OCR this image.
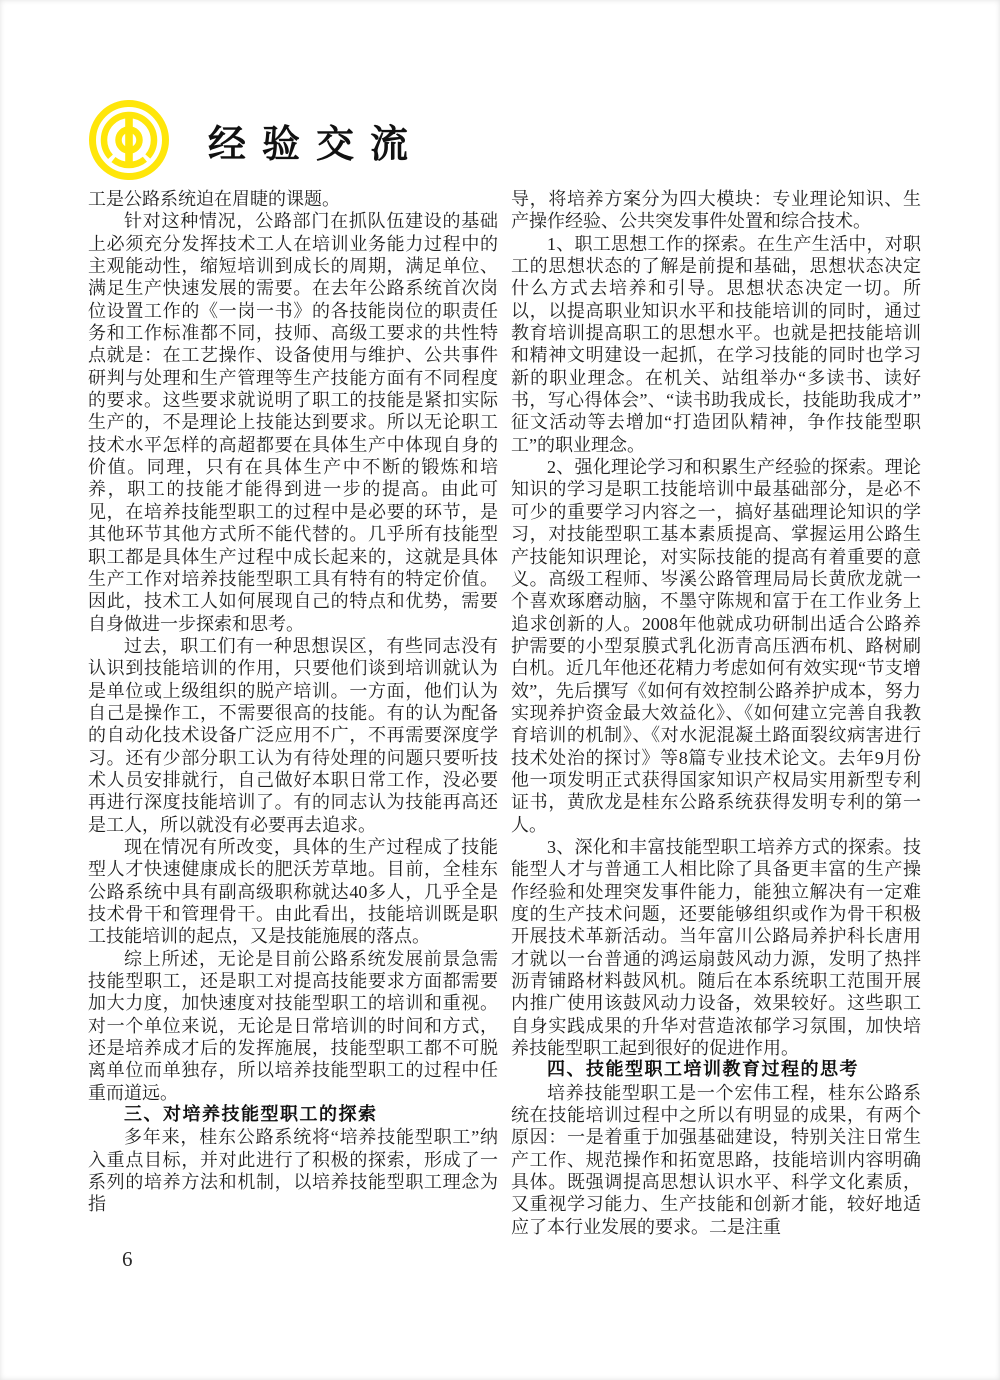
经验交流

工是公路系统迫在眉睫的课题。

针对这种情况，公路部门在抓队伍建设的基础上必须充分发挥技术工人在培训业务能力过程中的主观能动性，缩短培训到成长的周期，满足单位、满足生产快速发展的需要。在去年公路系统首次岗位设置工作的《一岗一书》的各技能岗位的职责任务和工作标准都不同，技师、高级工要求的共性特点就是：在工艺操作、设备使用与维护、公共事件研判与处理和生产管理等生产技能方面有不同程度的要求。这些要求就说明了职工的技能是紧扣实际生产的，不是理论上技能达到要求。所以无论职工技术水平怎样的高超都要在具体生产中体现自身的价值。同理，只有在具体生产中不断的锻炼和培养，职工的技能才能得到进一步的提高。由此可见，在培养技能型职工的过程中是必要的环节，是其他环节其他方式所不能代替的。几乎所有技能型职工都是具体生产过程中成长起来的，这就是具体生产工作对培养技能型职工具有特有的特定价值。因此，技术工人如何展现自己的特点和优势，需要自身做进一步探索和思考。

过去，职工们有一种思想误区，有些同志没有认识到技能培训的作用，只要他们谈到培训就认为是单位或上级组织的脱产培训。一方面，他们认为自己是操作工，不需要很高的技能。有的认为配备的自动化技术设备广泛应用不广，不再需要深度学习。还有少部分职工认为有待处理的问题只要听技术人员安排就行，自己做好本职日常工作，没必要再进行深度技能培训了。有的同志认为技能再高还是工人，所以就没有必要再去追求。

现在情况有所改变，具体的生产过程成了技能型人才快速健康成长的肥沃芳草地。目前，全桂东公路系统中具有副高级职称就达40多人，几乎全是技术骨干和管理骨干。由此看出，技能培训既是职工技能培训的起点，又是技能施展的落点。

综上所述，无论是目前公路系统发展前景急需技能型职工，还是职工对提高技能要求方面都需要加大力度，加快速度对技能型职工的培训和重视。对一个单位来说，无论是日常培训的时间和方式，还是培养成才后的发挥施展，技能型职工都不可脱离单位而单独存，所以培养技能型职工的过程中任重而道远。

三、对培养技能型职工的探索

多年来，桂东公路系统将“培养技能型职工”纳入重点目标，并对此进行了积极的探索，形成了一系列的培养方法和机制，以培养技能型职工理念为指

导，将培养方案分为四大模块：专业理论知识、生产操作经验、公共突发事件处置和综合技术。

1、职工思想工作的探索。在生产生活中，对职工的思想状态的了解是前提和基础，思想状态决定什么方式去培养和引导。思想状态决定一切。所以，以提高职业知识水平和技能培训的同时，通过教育培训提高职工的思想水平。也就是把技能培训和精神文明建设一起抓，在学习技能的同时也学习新的职业理念。在机关、站组举办“多读书、读好书，写心得体会”、“读书助我成长，技能助我成才”征文活动等去增加“打造团队精神，争作技能型职工”的职业理念。

2、强化理论学习和积累生产经验的探索。理论知识的学习是职工技能培训中最基础部分，是必不可少的重要学习内容之一，搞好基础理论知识的学习，对技能型职工基本素质提高、掌握运用公路生产技能知识理论，对实际技能的提高有着重要的意义。高级工程师、岑溪公路管理局局长黄欣龙就一个喜欢琢磨动脑，不墨守陈规和富于在工作业务上追求创新的人。2008年他就成功研制出适合公路养护需要的小型泵膜式乳化沥青高压洒布机、路树刷白机。近几年他还花精力考虑如何有效实现“节支增效”，先后撰写《如何有效控制公路养护成本，努力实现养护资金最大效益化》、《如何建立完善自我教育培训的机制》、《对水泥混凝土路面裂纹病害进行技术处治的探讨》等8篇专业技术论文。去年9月份他一项发明正式获得国家知识产权局实用新型专利证书，黄欣龙是桂东公路系统获得发明专利的第一人。

3、深化和丰富技能型职工培养方式的探索。技能型人才与普通工人相比除了具备更丰富的生产操作经验和处理突发事件能力，能独立解决有一定难度的生产技术问题，还要能够组织或作为骨干积极开展技术革新活动。当年富川公路局养护科长唐用才就以一台普通的鸿运扇鼓风动力源，发明了热拌沥青铺路材料鼓风机。随后在本系统职工范围开展内推广使用该鼓风动力设备，效果较好。这些职工自身实践成果的升华对营造浓郁学习氛围，加快培养技能型职工起到很好的促进作用。

四、技能型职工培训教育过程的思考

培养技能型职工是一个宏伟工程，桂东公路系统在技能培训过程中之所以有明显的成果，有两个原因：一是着重于加强基础建设，特别关注日常生产工作、规范操作和拓宽思路，技能培训内容明确具体。既强调提高思想认识水平、科学文化素质，又重视学习能力、生产技能和创新才能，较好地适应了本行业发展的要求。二是注重

6
